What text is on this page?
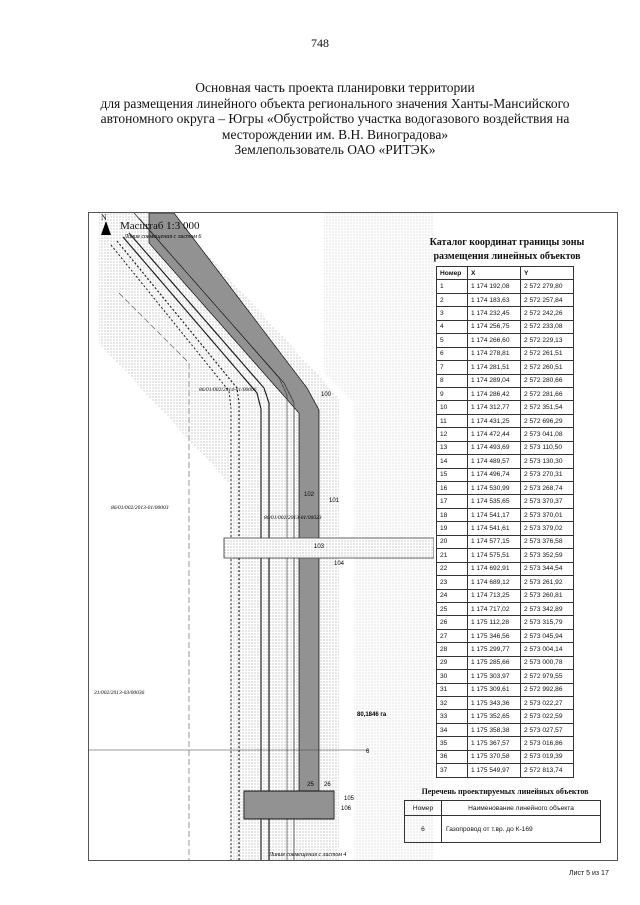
748
Основная часть проекта планировки территории
для размещения линейного объекта регионального значения Ханты-Мансийского
автономного округа – Югры «Обустройство участка водогазового воздействия на
месторождении им. В.Н. Виноградова»
Землепользователь ОАО «РИТЭК»
100
101
102
103
104
105
106
25 26
6
86/01/002/2014-01/00066
86/01/002/2013-01/00003
86/01/002/2013-01/00023
31/002/2013-03/00036
80,1846 га
Линия совмещения с листом 6
Линия совмещения с листом 4
N
Масштаб 1:3 000
Каталог координат границы зоны
размещения линейных объектов
Номер	X	Y
1	1 174 192,08	2 572 279,80
2	1 174 183,63	2 572 257,84
3	1 174 232,45	2 572 242,26
4	1 174 256,75	2 572 233,08
5	1 174 266,60	2 572 229,13
6	1 174 278,81	2 572 261,51
7	1 174 281,51	2 572 260,51
8	1 174 289,04	2 572 280,66
9	1 174 286,42	2 572 281,66
10	1 174 312,77	2 572 351,54
11	1 174 431,25	2 572 696,29
12	1 174 472,44	2 573 041,08
13	1 174 493,69	2 573 110,50
14	1 174 489,57	2 573 130,30
15	1 174 496,74	2 573 270,31
16	1 174 530,99	2 573 268,74
17	1 174 535,65	2 573 370,37
18	1 174 541,17	2 573 370,01
19	1 174 541,61	2 573 379,02
20	1 174 577,15	2 573 376,58
21	1 174 575,51	2 573 352,59
22	1 174 692,91	2 573 344,54
23	1 174 689,12	2 573 261,92
24	1 174 713,25	2 573 260,81
25	1 174 717,02	2 573 342,89
26	1 175 112,28	2 573 315,79
27	1 175 346,56	2 573 045,94
28	1 175 299,77	2 573 004,14
29	1 175 285,66	2 573 000,78
30	1 175 303,97	2 572 979,55
31	1 175 309,61	2 572 992,86
32	1 175 343,36	2 573 022,27
33	1 175 352,65	2 573 022,59
34	1 175 358,38	2 573 027,57
35	1 175 367,57	2 573 016,86
36	1 175 370,58	2 573 019,39
37	1 175 549,97	2 572 813,74
Перечень проектируемых линейных объектов
Номер	Наименование линейного объекта
6	Газопровод от т.вр. до К-169
Лист 5 из 17
